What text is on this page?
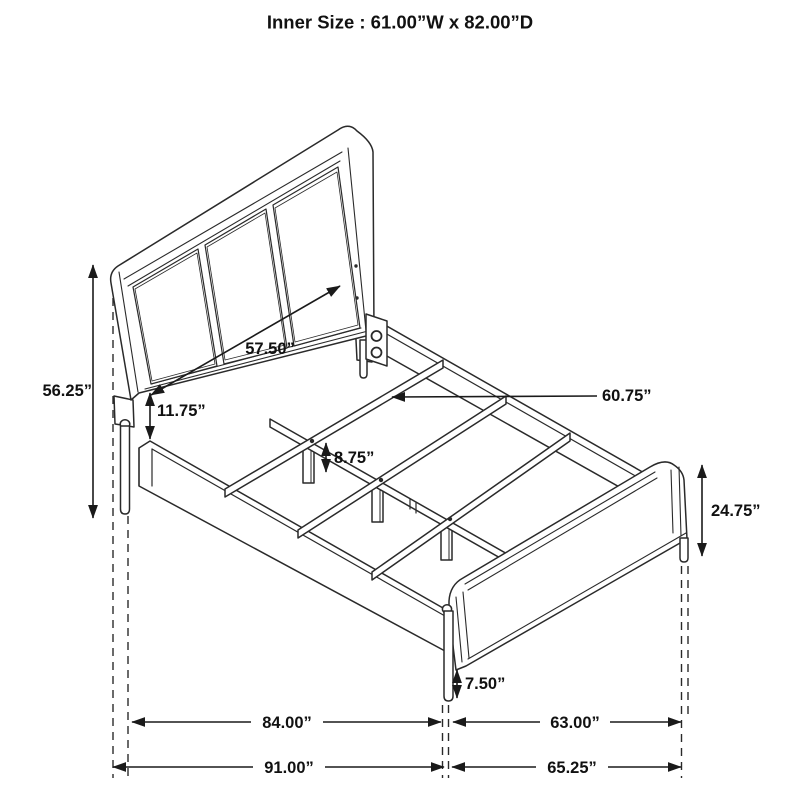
Inner Size : 61.00”W x 82.00”D
56.25”
57.50”
11.75”
8.75”
60.75”
24.75”
7.50”
84.00”	63.00”
91.00”	65.25”
